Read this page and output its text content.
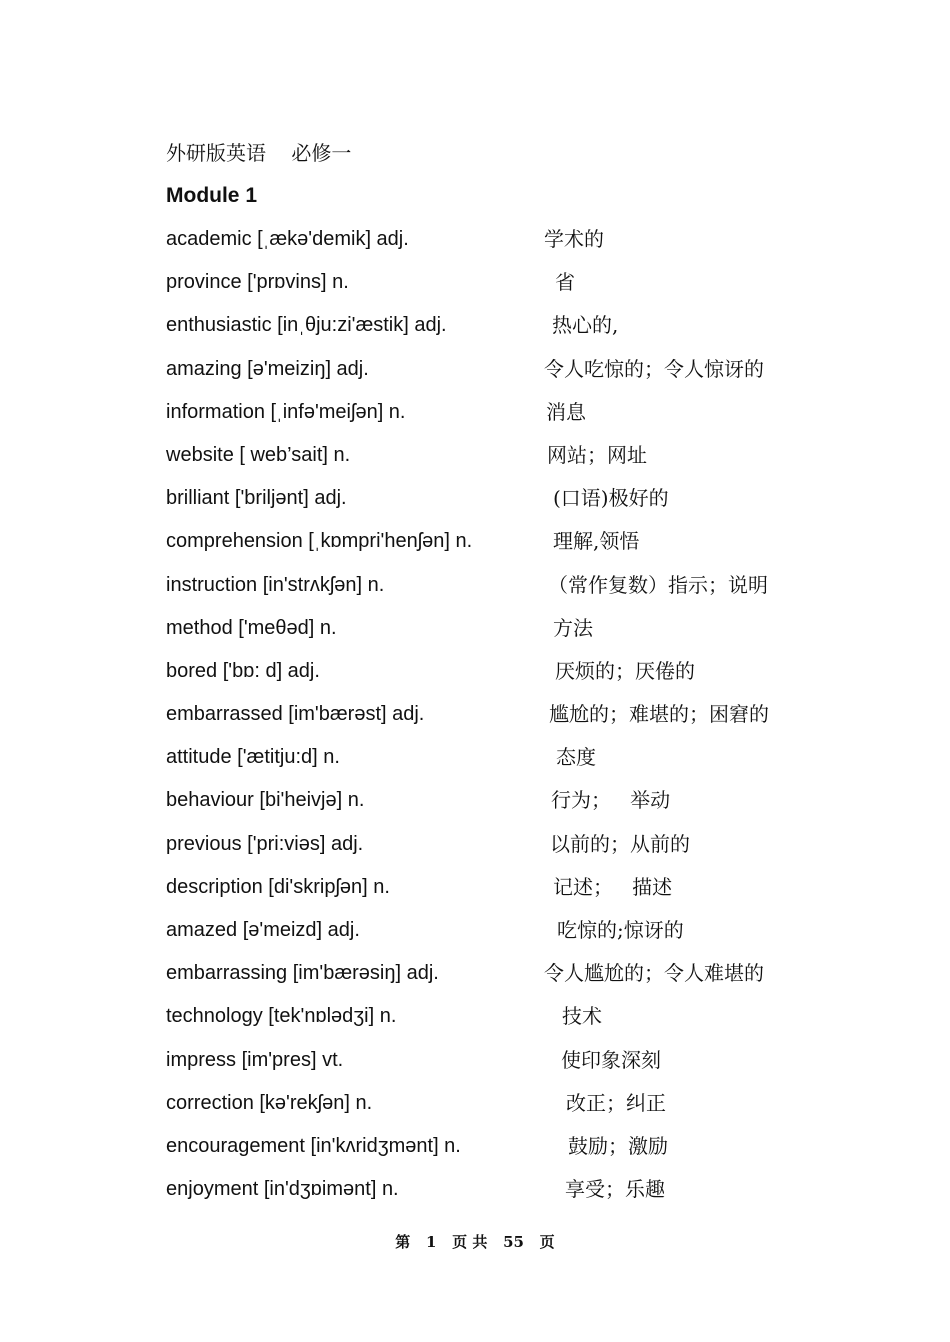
外研版英语    必修一
Module 1
academic [ˌækə'demik] adj.	学术的
province ['prɒvins] n.	省
enthusiastic [inˌθju:zi'æstik] adj.	热心的,
amazing [ə'meiziŋ] adj.	令人吃惊的；令人惊讶的
information [ˌinfə'meiʃən] n.	消息
website [ web’sait] n.	网站；网址
brilliant ['briljənt] adj.	(口语)极好的
comprehension [ˌkɒmpri'henʃən] n.	理解,领悟
instruction [in'strʌkʃən] n.	（常作复数）指示；说明
method ['meθəd] n.	方法
bored ['bɒ: d] adj.	厌烦的；厌倦的
embarrassed [im'bærəst] adj.	尴尬的；难堪的；困窘的
attitude ['ætitju:d] n.	态度
behaviour [bi'heivjə] n.	行为；   举动
previous ['pri:viəs] adj.	以前的；从前的
description [di'skripʃən] n.	记述；   描述
amazed [ə'meizd] adj.	吃惊的;惊讶的
embarrassing [im'bærəsiŋ] adj.	令人尴尬的；令人难堪的
technology [tek'nɒlədʒi] n.	技术
impress [im'pres] vt.	使印象深刻
correction [kə'rekʃən] n.	改正；纠正
encouragement [in'kʌridʒmənt] n.	鼓励；激励
enjoyment [in'dʒɒimənt] n.	享受；乐趣
第 1 页 共 55 页
